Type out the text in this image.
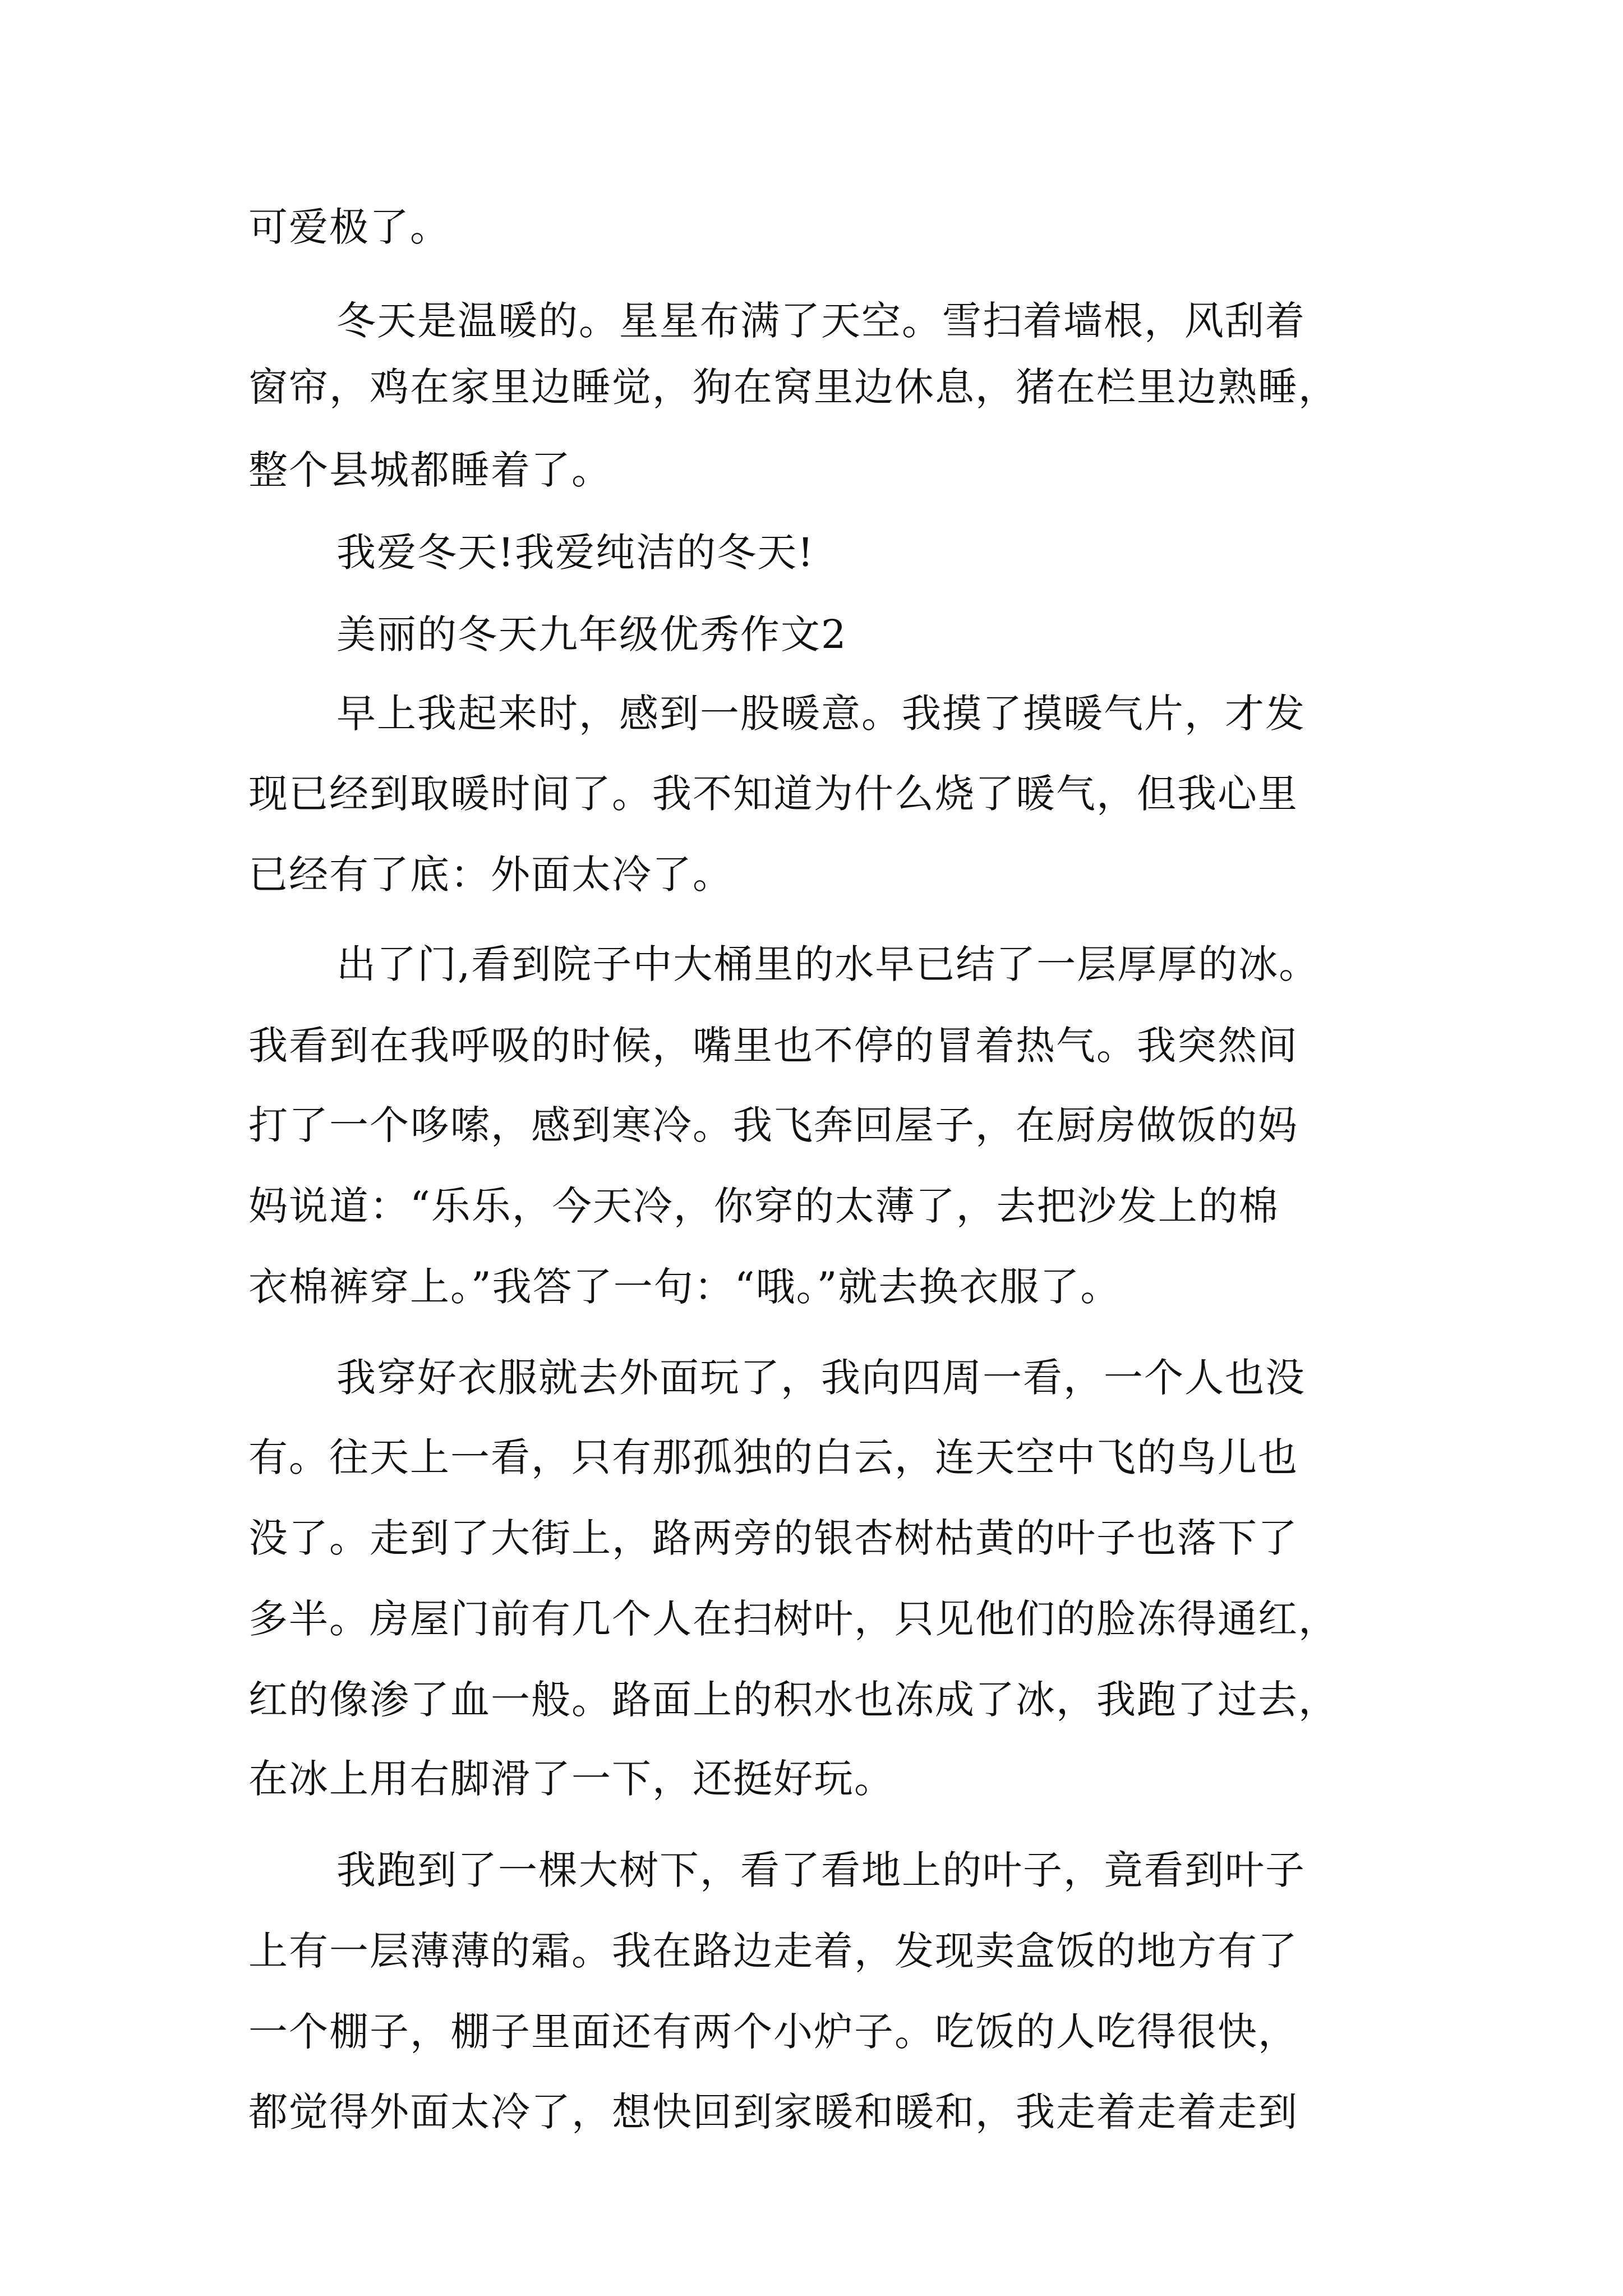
可爱极了。
冬天是温暖的。星星布满了天空。雪扫着墙根，风刮着
窗帘，鸡在家里边睡觉，狗在窝里边休息，猪在栏里边熟睡，
整个县城都睡着了。
我爱冬天!我爱纯洁的冬天!
美丽的冬天九年级优秀作文2
早上我起来时，感到一股暖意。我摸了摸暖气片，才发
现已经到取暖时间了。我不知道为什么烧了暖气，但我心里
已经有了底：外面太冷了。
出了门,看到院子中大桶里的水早已结了一层厚厚的冰。
我看到在我呼吸的时候，嘴里也不停的冒着热气。我突然间
打了一个哆嗦，感到寒冷。我飞奔回屋子，在厨房做饭的妈
妈说道：“乐乐，今天冷，你穿的太薄了，去把沙发上的棉
衣棉裤穿上。”我答了一句：“哦。”就去换衣服了。
我穿好衣服就去外面玩了，我向四周一看，一个人也没
有。往天上一看，只有那孤独的白云，连天空中飞的鸟儿也
没了。走到了大街上，路两旁的银杏树枯黄的叶子也落下了
多半。房屋门前有几个人在扫树叶，只见他们的脸冻得通红，
红的像渗了血一般。路面上的积水也冻成了冰，我跑了过去，
在冰上用右脚滑了一下，还挺好玩。
我跑到了一棵大树下，看了看地上的叶子，竟看到叶子
上有一层薄薄的霜。我在路边走着，发现卖盒饭的地方有了
一个棚子，棚子里面还有两个小炉子。吃饭的人吃得很快，
都觉得外面太冷了，想快回到家暖和暖和，我走着走着走到
